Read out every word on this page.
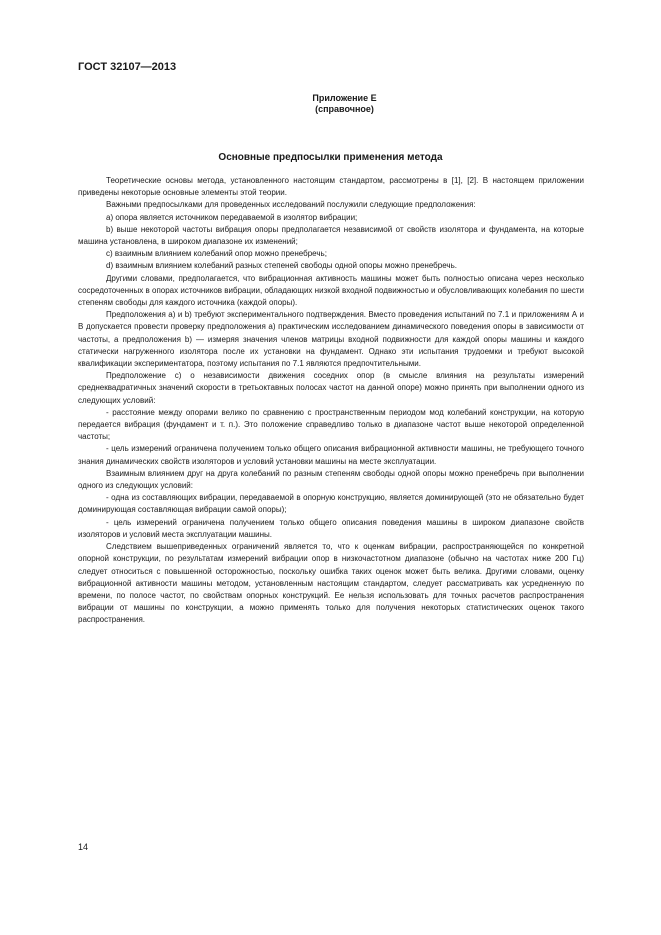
ГОСТ 32107—2013
Приложение Е
(справочное)
Основные предпосылки применения метода

Теоретические основы метода, установленного настоящим стандартом, рассмотрены в [1], [2]. В настоящем приложении приведены некоторые основные элементы этой теории.

Важными предпосылками для проведенных исследований послужили следующие предположения:

а) опора является источником передаваемой в изолятор вибрации;

b) выше некоторой частоты вибрация опоры предполагается независимой от свойств изолятора и фундамента, на которые машина установлена, в широком диапазоне их изменений;

с) взаимным влиянием колебаний опор можно пренебречь;

d) взаимным влиянием колебаний разных степеней свободы одной опоры можно пренебречь.

Другими словами, предполагается, что вибрационная активность машины может быть полностью описана через несколько сосредоточенных в опорах источников вибрации, обладающих низкой входной подвижностью и обусловливающих колебания по шести степеням свободы для каждого источника (каждой опоры).

Предположения а) и b) требуют экспериментального подтверждения. Вместо проведения испытаний по 7.1 и приложениям А и В допускается провести проверку предположения а) практическим исследованием динамического поведения опоры в зависимости от частоты, а предположения b) — измеряя значения членов матрицы входной подвижности для каждой опоры машины и каждого статически нагруженного изолятора после их установки на фундамент. Однако эти испытания трудоемки и требуют высокой квалификации экспериментатора, поэтому испытания по 7.1 являются предпочтительными.

Предположение с) о независимости движения соседних опор (в смысле влияния на результаты измерений среднеквадратичных значений скорости в третьоктавных полосах частот на данной опоре) можно принять при выполнении одного из следующих условий:

- расстояние между опорами велико по сравнению с пространственным периодом мод колебаний конструкции, на которую передается вибрация (фундамент и т. п.). Это положение справедливо только в диапазоне частот выше некоторой определенной частоты;

- цель измерений ограничена получением только общего описания вибрационной активности машины, не требующего точного знания динамических свойств изоляторов и условий установки машины на месте эксплуатации.

Взаимным влиянием друг на друга колебаний по разным степеням свободы одной опоры можно пренебречь при выполнении одного из следующих условий:

- одна из составляющих вибрации, передаваемой в опорную конструкцию, является доминирующей (это не обязательно будет доминирующая составляющая вибрации самой опоры);

- цель измерений ограничена получением только общего описания поведения машины в широком диапазоне свойств изоляторов и условий места эксплуатации машины.

Следствием вышеприведенных ограничений является то, что к оценкам вибрации, распространяющейся по конкретной опорной конструкции, по результатам измерений вибрации опор в низкочастотном диапазоне (обычно на частотах ниже 200 Гц) следует относиться с повышенной осторожностью, поскольку ошибка таких оценок может быть велика. Другими словами, оценку вибрационной активности машины методом, установленным настоящим стандартом, следует рассматривать как усредненную по времени, по полосе частот, по свойствам опорных конструкций. Ее нельзя использовать для точных расчетов распространения вибрации от машины по конструкции, а можно применять только для получения некоторых статистических оценок такого распространения.

14
